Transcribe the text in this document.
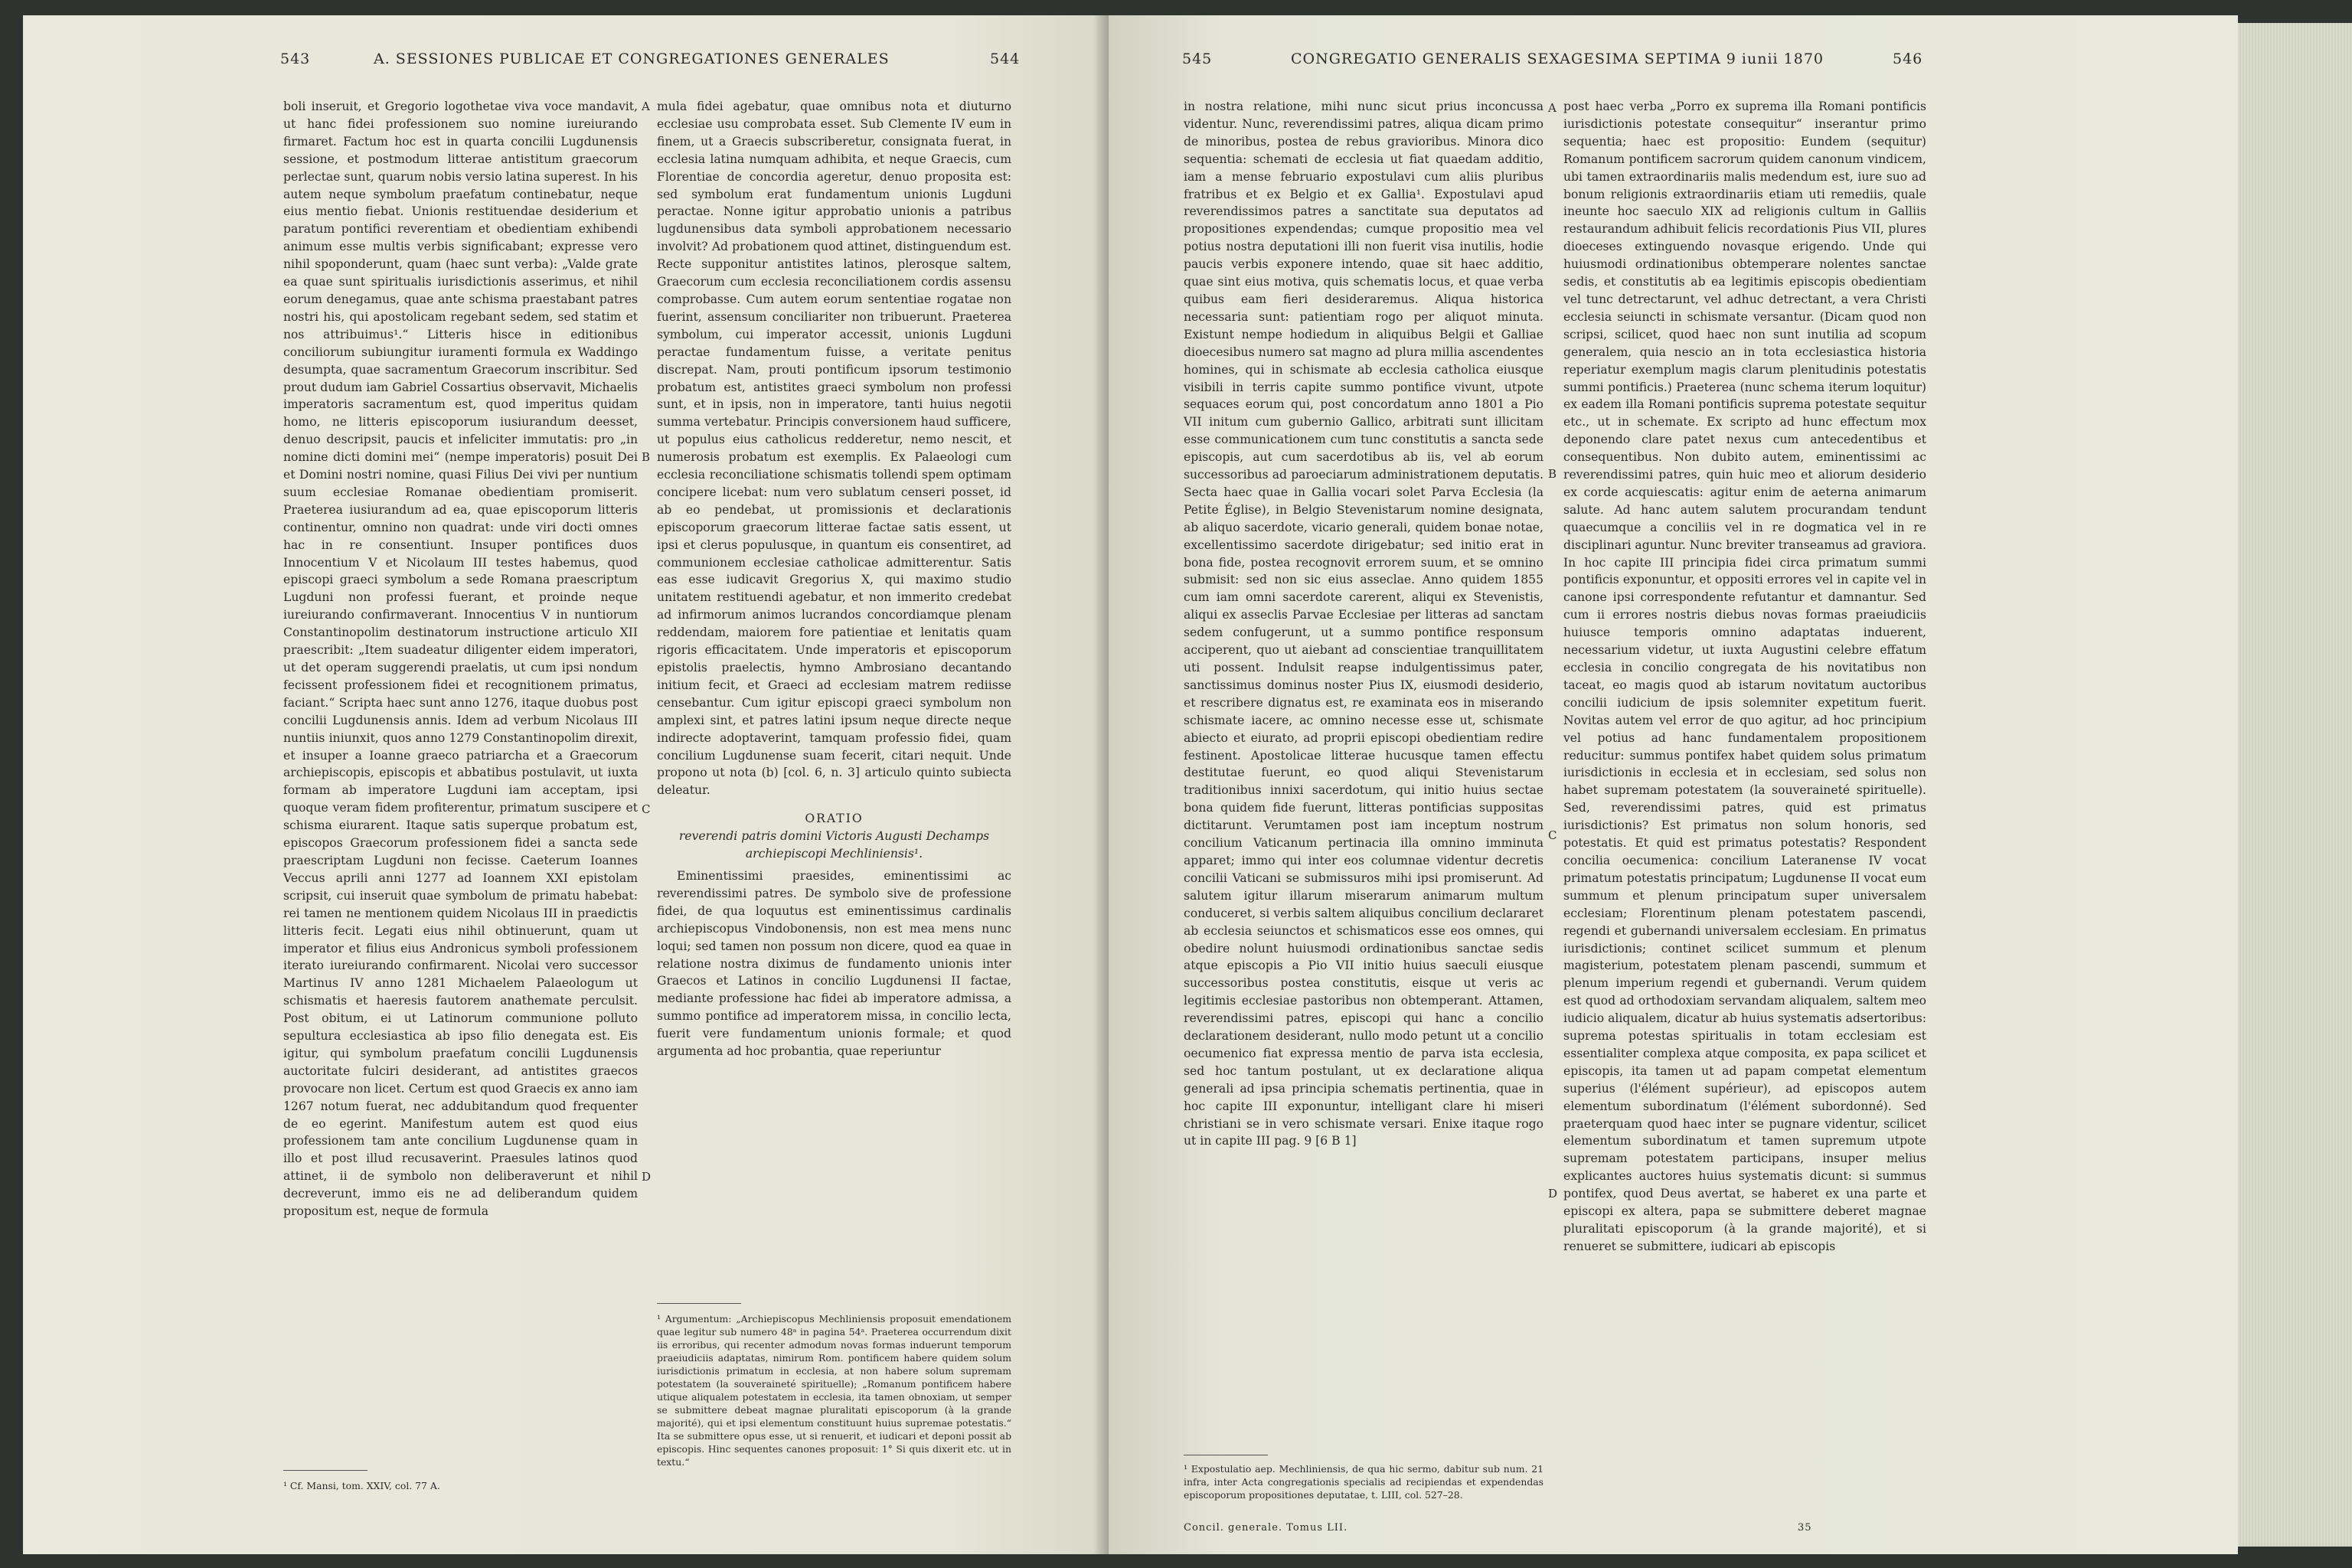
543	A. SESSIONES PUBLICAE ET CONGREGATIONES GENERALES	544

boli inseruit, et Gregorio logothetae viva voce mandavit, ut hanc fidei professionem suo nomine iureiurando firmaret. Factum hoc est in quarta concilii Lugdunensis sessione, et postmodum litterae antistitum graecorum perlectae sunt, quarum nobis versio latina superest. In his autem neque symbolum praefatum continebatur, neque eius mentio fiebat. Unionis restituendae desiderium et paratum pontifici reverentiam et obedientiam exhibendi animum esse multis verbis significabant; expresse vero nihil spoponderunt, quam (haec sunt verba): „Valde grate ea quae sunt spiritualis iurisdictionis asserimus, et nihil eorum denegamus, quae ante schisma praestabant patres nostri his, qui apostolicam regebant sedem, sed statim et nos attribuimus¹.“ Litteris hisce in editionibus conciliorum subiungitur iuramenti formula ex Waddingo desumpta, quae sacramentum Graecorum inscribitur. Sed prout dudum iam Gabriel Cossartius observavit, Michaelis imperatoris sacramentum est, quod imperitus quidam homo, ne litteris episcoporum iusiurandum deesset, denuo descripsit, paucis et infeliciter immutatis: pro „in nomine dicti domini mei“ (nempe imperatoris) posuit Dei et Domini nostri nomine, quasi Filius Dei vivi per nuntium suum ecclesiae Romanae obedientiam promiserit. Praeterea iusiurandum ad ea, quae episcoporum litteris continentur, omnino non quadrat: unde viri docti omnes hac in re consentiunt. Insuper pontifices duos Innocentium V et Nicolaum III testes habemus, quod episcopi graeci symbolum a sede Romana praescriptum Lugduni non professi fuerant, et proinde neque iureiurando confirmaverant. Innocentius V in nuntiorum Constantinopolim destinatorum instructione articulo XII praescribit: „Item suadeatur diligenter eidem imperatori, ut det operam suggerendi praelatis, ut cum ipsi nondum fecissent professionem fidei et recognitionem primatus, faciant.“ Scripta haec sunt anno 1276, itaque duobus post concilii Lugdunensis annis. Idem ad verbum Nicolaus III nuntiis iniunxit, quos anno 1279 Constantinopolim direxit, et insuper a Ioanne graeco patriarcha et a Graecorum archiepiscopis, episcopis et abbatibus postulavit, ut iuxta formam ab imperatore Lugduni iam acceptam, ipsi quoque veram fidem profiterentur, primatum suscipere et schisma eiurarent. Itaque satis superque probatum est, episcopos Graecorum professionem fidei a sancta sede praescriptam Lugduni non fecisse. Caeterum Ioannes Veccus aprili anni 1277 ad Ioannem XXI epistolam scripsit, cui inseruit quae symbolum de primatu habebat: rei tamen ne mentionem quidem Nicolaus III in praedictis litteris fecit. Legati eius nihil obtinuerunt, quam ut imperator et filius eius Andronicus symboli professionem iterato iureiurando confirmarent. Nicolai vero successor Martinus IV anno 1281 Michaelem Palaeologum ut schismatis et haeresis fautorem anathemate perculsit. Post obitum, ei ut Latinorum communione polluto sepultura ecclesiastica ab ipso filio denegata est. Eis igitur, qui symbolum praefatum concilii Lugdunensis auctoritate fulciri desiderant, ad antistites graecos provocare non licet. Certum est quod Graecis ex anno iam 1267 notum fuerat, nec addubitandum quod frequenter de eo egerint. Manifestum autem est quod eius professionem tam ante concilium Lugdunense quam in illo et post illud recusaverint. Praesules latinos quod attinet, ii de symbolo non deliberaverunt et nihil decreverunt, immo eis ne ad deliberandum quidem propositum est, neque de formula

¹ Cf. Mansi, tom. XXIV, col. 77 A.
A
B
C
D

mula fidei agebatur, quae omnibus nota et diuturno ecclesiae usu comprobata esset. Sub Clemente IV eum in finem, ut a Graecis subscriberetur, consignata fuerat, in ecclesia latina numquam adhibita, et neque Graecis, cum Florentiae de concordia ageretur, denuo proposita est: sed symbolum erat fundamentum unionis Lugduni peractae. Nonne igitur approbatio unionis a patribus lugdunensibus data symboli approbationem necessario involvit? Ad probationem quod attinet, distinguendum est. Recte supponitur antistites latinos, plerosque saltem, Graecorum cum ecclesia reconciliationem cordis assensu comprobasse. Cum autem eorum sententiae rogatae non fuerint, assensum conciliariter non tribuerunt. Praeterea symbolum, cui imperator accessit, unionis Lugduni peractae fundamentum fuisse, a veritate penitus discrepat. Nam, prouti pontificum ipsorum testimonio probatum est, antistites graeci symbolum non professi sunt, et in ipsis, non in imperatore, tanti huius negotii summa vertebatur. Principis conversionem haud sufficere, ut populus eius catholicus redderetur, nemo nescit, et numerosis probatum est exemplis. Ex Palaeologi cum ecclesia reconciliatione schismatis tollendi spem optimam concipere licebat: num vero sublatum censeri posset, id ab eo pendebat, ut promissionis et declarationis episcoporum graecorum litterae factae satis essent, ut ipsi et clerus populusque, in quantum eis consentiret, ad communionem ecclesiae catholicae admitterentur. Satis eas esse iudicavit Gregorius X, qui maximo studio unitatem restituendi agebatur, et non immerito credebat ad infirmorum animos lucrandos concordiamque plenam reddendam, maiorem fore patientiae et lenitatis quam rigoris efficacitatem. Unde imperatoris et episcoporum epistolis praelectis, hymno Ambrosiano decantando initium fecit, et Graeci ad ecclesiam matrem rediisse censebantur. Cum igitur episcopi graeci symbolum non amplexi sint, et patres latini ipsum neque directe neque indirecte adoptaverint, tamquam professio fidei, quam concilium Lugdunense suam fecerit, citari nequit. Unde propono ut nota (b) [col. 6, n. 3] articulo quinto subiecta deleatur.

ORATIO
reverendi patris domini Victoris Augusti Dechamps archiepiscopi Mechliniensis¹.

Eminentissimi praesides, eminentissimi ac reverendissimi patres. De symbolo sive de professione fidei, de qua loquutus est eminentissimus cardinalis archiepiscopus Vindobonensis, non est mea mens nunc loqui; sed tamen non possum non dicere, quod ea quae in relatione nostra diximus de fundamento unionis inter Graecos et Latinos in concilio Lugdunensi II factae, mediante professione hac fidei ab imperatore admissa, a summo pontifice ad imperatorem missa, in concilio lecta, fuerit vere fundamentum unionis formale; et quod argumenta ad hoc probantia, quae reperiuntur

¹ Argumentum: „Archiepiscopus Mechliniensis proposuit emendationem quae legitur sub numero 48ᵃ in pagina 54ᵃ. Praeterea occurrendum dixit iis erroribus, qui recenter admodum novas formas induerunt temporum praeiudiciis adaptatas, nimirum Rom. pontificem habere quidem solum iurisdictionis primatum in ecclesia, at non habere solum supremam potestatem (la souveraineté spirituelle); „Romanum pontificem habere utique aliqualem potestatem in ecclesia, ita tamen obnoxiam, ut semper se submittere debeat magnae pluralitati episcoporum (à la grande majorité), qui et ipsi elementum constituunt huius supremae potestatis.“ Ita se submittere opus esse, ut si renuerit, et iudicari et deponi possit ab episcopis. Hinc sequentes canones proposuit: 1° Si quis dixerit etc. ut in textu.“
545	CONGREGATIO GENERALIS SEXAGESIMA SEPTIMA 9 iunii 1870	546

in nostra relatione, mihi nunc sicut prius inconcussa videntur. Nunc, reverendissimi patres, aliqua dicam primo de minoribus, postea de rebus gravioribus. Minora dico sequentia: schemati de ecclesia ut fiat quaedam additio, iam a mense februario expostulavi cum aliis pluribus fratribus et ex Belgio et ex Gallia¹. Expostulavi apud reverendissimos patres a sanctitate sua deputatos ad propositiones expendendas; cumque propositio mea vel potius nostra deputationi illi non fuerit visa inutilis, hodie paucis verbis exponere intendo, quae sit haec additio, quae sint eius motiva, quis schematis locus, et quae verba quibus eam fieri desideraremus. Aliqua historica necessaria sunt: patientiam rogo per aliquot minuta. Existunt nempe hodiedum in aliquibus Belgii et Galliae dioecesibus numero sat magno ad plura millia ascendentes homines, qui in schismate ab ecclesia catholica eiusque visibili in terris capite summo pontifice vivunt, utpote sequaces eorum qui, post concordatum anno 1801 a Pio VII initum cum gubernio Gallico, arbitrati sunt illicitam esse communicationem cum tunc constitutis a sancta sede episcopis, aut cum sacerdotibus ab iis, vel ab eorum successoribus ad paroeciarum administrationem deputatis. Secta haec quae in Gallia vocari solet Parva Ecclesia (la Petite Église), in Belgio Stevenistarum nomine designata, ab aliquo sacerdote, vicario generali, quidem bonae notae, excellentissimo sacerdote dirigebatur; sed initio erat in bona fide, postea recognovit errorem suum, et se omnino submisit: sed non sic eius asseclae. Anno quidem 1855 cum iam omni sacerdote carerent, aliqui ex Stevenistis, aliqui ex asseclis Parvae Ecclesiae per litteras ad sanctam sedem confugerunt, ut a summo pontifice responsum acciperent, quo ut aiebant ad conscientiae tranquillitatem uti possent. Indulsit reapse indulgentissimus pater, sanctissimus dominus noster Pius IX, eiusmodi desiderio, et rescribere dignatus est, re examinata eos in miserando schismate iacere, ac omnino necesse esse ut, schismate abiecto et eiurato, ad proprii episcopi obedientiam redire festinent. Apostolicae litterae hucusque tamen effectu destitutae fuerunt, eo quod aliqui Stevenistarum traditionibus innixi sacerdotum, qui initio huius sectae bona quidem fide fuerunt, litteras pontificias suppositas dictitarunt. Verumtamen post iam inceptum nostrum concilium Vaticanum pertinacia illa omnino imminuta apparet; immo qui inter eos columnae videntur decretis concilii Vaticani se submissuros mihi ipsi promiserunt. Ad salutem igitur illarum miserarum animarum multum conduceret, si verbis saltem aliquibus concilium declararet ab ecclesia seiunctos et schismaticos esse eos omnes, qui obedire nolunt huiusmodi ordinationibus sanctae sedis atque episcopis a Pio VII initio huius saeculi eiusque successoribus postea constitutis, eisque ut veris ac legitimis ecclesiae pastoribus non obtemperant. Attamen, reverendissimi patres, episcopi qui hanc a concilio declarationem desiderant, nullo modo petunt ut a concilio oecumenico fiat expressa mentio de parva ista ecclesia, sed hoc tantum postulant, ut ex declaratione aliqua generali ad ipsa principia schematis pertinentia, quae in hoc capite III exponuntur, intelligant clare hi miseri christiani se in vero schismate versari. Enixe itaque rogo ut in capite III pag. 9 [6 B 1]

¹ Expostulatio aep. Mechliniensis, de qua hic sermo, dabitur sub num. 21 infra, inter Acta congregationis specialis ad recipiendas et expendendas episcoporum propositiones deputatae, t. LIII, col. 527–28.
Concil. generale. Tomus LII.
A
B
C
D

post haec verba „Porro ex suprema illa Romani pontificis iurisdictionis potestate consequitur“ inserantur primo sequentia; haec est propositio: Eundem (sequitur) Romanum pontificem sacrorum quidem canonum vindicem, ubi tamen extraordinariis malis medendum est, iure suo ad bonum religionis extraordinariis etiam uti remediis, quale ineunte hoc saeculo XIX ad religionis cultum in Galliis restaurandum adhibuit felicis recordationis Pius VII, plures dioeceses extinguendo novasque erigendo. Unde qui huiusmodi ordinationibus obtemperare nolentes sanctae sedis, et constitutis ab ea legitimis episcopis obedientiam vel tunc detrectarunt, vel adhuc detrectant, a vera Christi ecclesia seiuncti in schismate versantur. (Dicam quod non scripsi, scilicet, quod haec non sunt inutilia ad scopum generalem, quia nescio an in tota ecclesiastica historia reperiatur exemplum magis clarum plenitudinis potestatis summi pontificis.) Praeterea (nunc schema iterum loquitur) ex eadem illa Romani pontificis suprema potestate sequitur etc., ut in schemate. Ex scripto ad hunc effectum mox deponendo clare patet nexus cum antecedentibus et consequentibus. Non dubito autem, eminentissimi ac reverendissimi patres, quin huic meo et aliorum desiderio ex corde acquiescatis: agitur enim de aeterna animarum salute. Ad hanc autem salutem procurandam tendunt quaecumque a conciliis vel in re dogmatica vel in re disciplinari aguntur. Nunc breviter transeamus ad graviora. In hoc capite III principia fidei circa primatum summi pontificis exponuntur, et oppositi errores vel in capite vel in canone ipsi correspondente refutantur et damnantur. Sed cum ii errores nostris diebus novas formas praeiudiciis huiusce temporis omnino adaptatas induerent, necessarium videtur, ut iuxta Augustini celebre effatum ecclesia in concilio congregata de his novitatibus non taceat, eo magis quod ab istarum novitatum auctoribus concilii iudicium de ipsis solemniter expetitum fuerit. Novitas autem vel error de quo agitur, ad hoc principium vel potius ad hanc fundamentalem propositionem reducitur: summus pontifex habet quidem solus primatum iurisdictionis in ecclesia et in ecclesiam, sed solus non habet supremam potestatem (la souveraineté spirituelle). Sed, reverendissimi patres, quid est primatus iurisdictionis? Est primatus non solum honoris, sed potestatis. Et quid est primatus potestatis? Respondent concilia oecumenica: concilium Lateranense IV vocat primatum potestatis principatum; Lugdunense II vocat eum summum et plenum principatum super universalem ecclesiam; Florentinum plenam potestatem pascendi, regendi et gubernandi universalem ecclesiam. En primatus iurisdictionis; continet scilicet summum et plenum magisterium, potestatem plenam pascendi, summum et plenum imperium regendi et gubernandi. Verum quidem est quod ad orthodoxiam servandam aliqualem, saltem meo iudicio aliqualem, dicatur ab huius systematis adsertoribus: suprema potestas spiritualis in totam ecclesiam est essentialiter complexa atque composita, ex papa scilicet et episcopis, ita tamen ut ad papam competat elementum superius (l'élément supérieur), ad episcopos autem elementum subordinatum (l'élément subordonné). Sed praeterquam quod haec inter se pugnare videntur, scilicet elementum subordinatum et tamen supremum utpote supremam potestatem participans, insuper melius explicantes auctores huius systematis dicunt: si summus pontifex, quod Deus avertat, se haberet ex una parte et episcopi ex altera, papa se submittere deberet magnae pluralitati episcoporum (à la grande majorité), et si renueret se submittere, iudicari ab episcopis

35
